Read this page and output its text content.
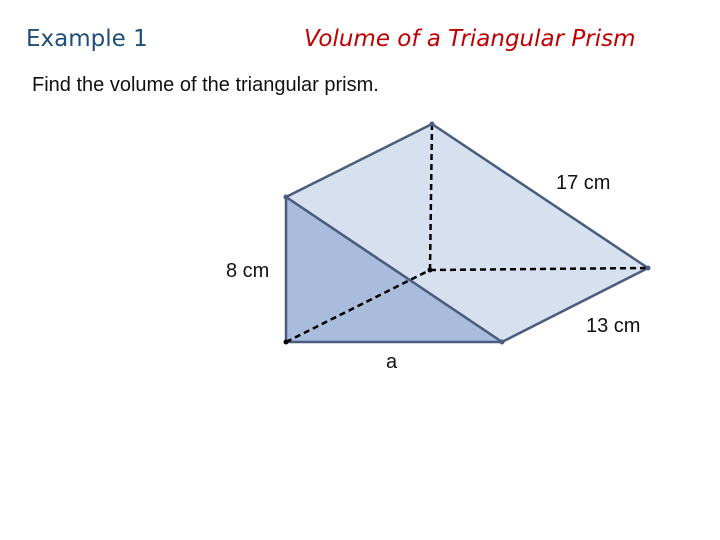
Example 1	Volume of a Triangular Prism
Find the volume of the triangular prism.
17 cm
8 cm
13 cm
a
